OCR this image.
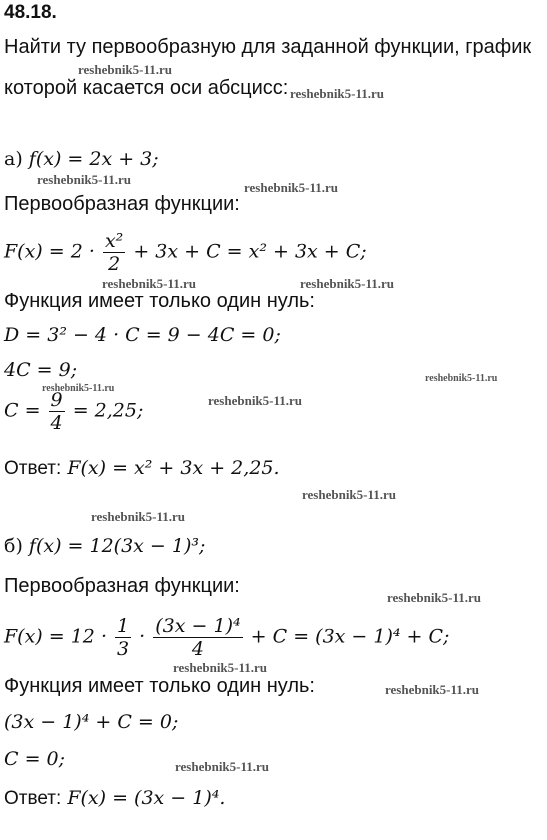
48.18.
Найти ту первообразную для заданной функции, график
которой касается оси абсцисс:
а) f(x) = 2x + 3;
Первообразная функции:
$F(x) = 2 \cdot \frac{\text{x²}}{2} + 3x + C = x^2 + 3x + C$;
Функция имеет только один нуль:
D = 3² − 4 · C = 9 − 4C = 0;
4C = 9;
$C = \frac{9}{4} = 2,25$;
Ответ: F(x) = x² + 3x + 2,25.
б) f(x) = 12(3x − 1)³;
Первообразная функции:
$F(x) = 12 \cdot \frac{1}{3} \cdot \frac{\text{(3x − 1)⁴}}{4} + C = (3x - 1)^4 + C$;
Функция имеет только один нуль:
(3x − 1)⁴ + C = 0;
C = 0;
Ответ: F(x) = (3x − 1)⁴.
reshebnik5-11.ru
reshebnik5-11.ru
reshebnik5-11.ru
reshebnik5-11.ru
reshebnik5-11.ru	reshebnik5-11.ru
reshebnik5-11.ru
reshebnik5-11.ru
reshebnik5-11.ru
reshebnik5-11.ru
reshebnik5-11.ru
reshebnik5-11.ru
reshebnik5-11.ru
reshebnik5-11.ru
reshebnik5-11.ru
